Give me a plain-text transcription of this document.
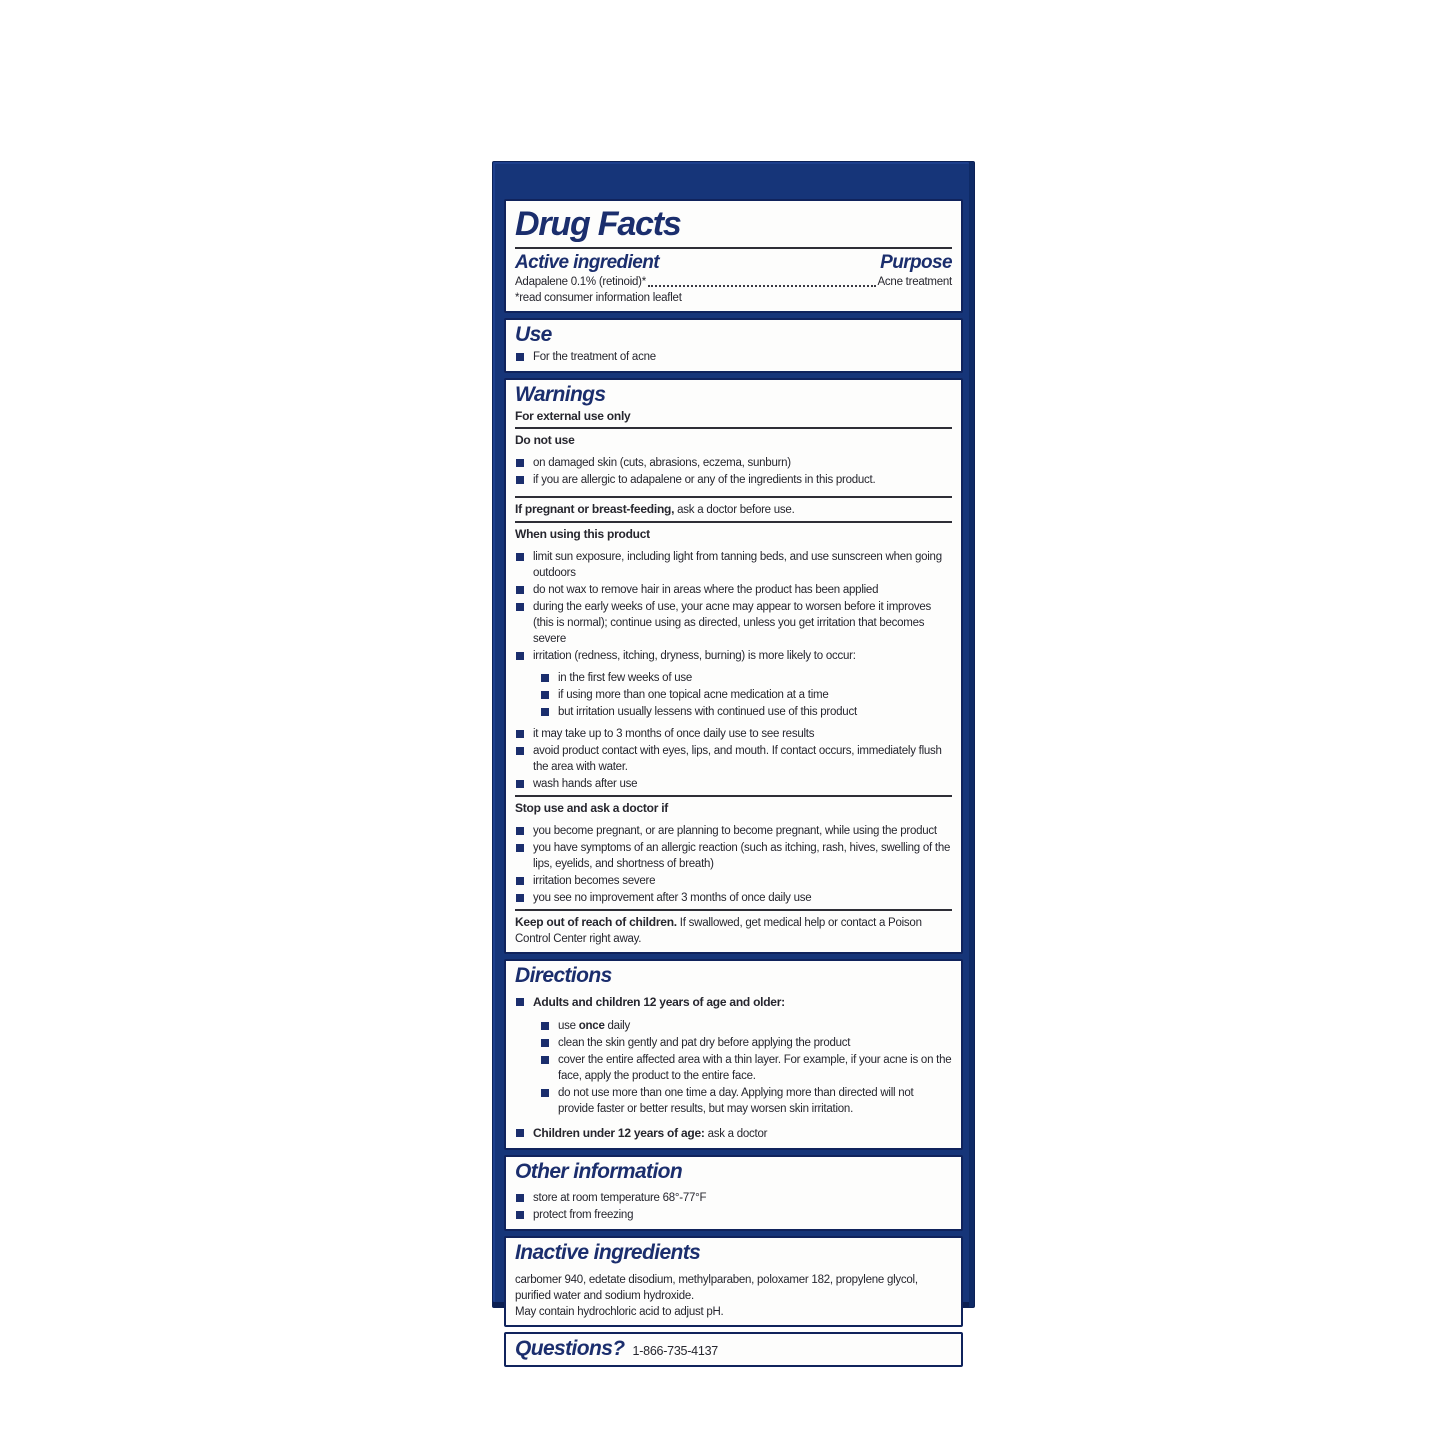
Drug Facts
Active ingredient	Purpose
Adapalene 0.1% (retinoid)*	Acne treatment
*read consumer information leaflet
Use
For the treatment of acne
Warnings
For external use only
Do not use
on damaged skin (cuts, abrasions, eczema, sunburn)
if you are allergic to adapalene or any of the ingredients in this product.
If pregnant or breast-feeding, ask a doctor before use.
When using this product
limit sun exposure, including light from tanning beds, and use sunscreen when going outdoors
do not wax to remove hair in areas where the product has been applied
during the early weeks of use, your acne may appear to worsen before it improves (this is normal); continue using as directed, unless you get irritation that becomes severe
irritation (redness, itching, dryness, burning) is more likely to occur:
in the first few weeks of use
if using more than one topical acne medication at a time
but irritation usually lessens with continued use of this product
it may take up to 3 months of once daily use to see results
avoid product contact with eyes, lips, and mouth. If contact occurs, immediately flush the area with water.
wash hands after use
Stop use and ask a doctor if
you become pregnant, or are planning to become pregnant, while using the product
you have symptoms of an allergic reaction (such as itching, rash, hives, swelling of the lips, eyelids, and shortness of breath)
irritation becomes severe
you see no improvement after 3 months of once daily use
Keep out of reach of children. If swallowed, get medical help or contact a Poison Control Center right away.
Directions
Adults and children 12 years of age and older:
use once daily
clean the skin gently and pat dry before applying the product
cover the entire affected area with a thin layer. For example, if your acne is on the face, apply the product to the entire face.
do not use more than one time a day. Applying more than directed will not provide faster or better results, but may worsen skin irritation.
Children under 12 years of age: ask a doctor
Other information
store at room temperature 68°-77°F
protect from freezing
Inactive ingredients
carbomer 940, edetate disodium, methylparaben, poloxamer 182, propylene glycol, purified water and sodium hydroxide.
May contain hydrochloric acid to adjust pH.
Questions? 1-866-735-4137
